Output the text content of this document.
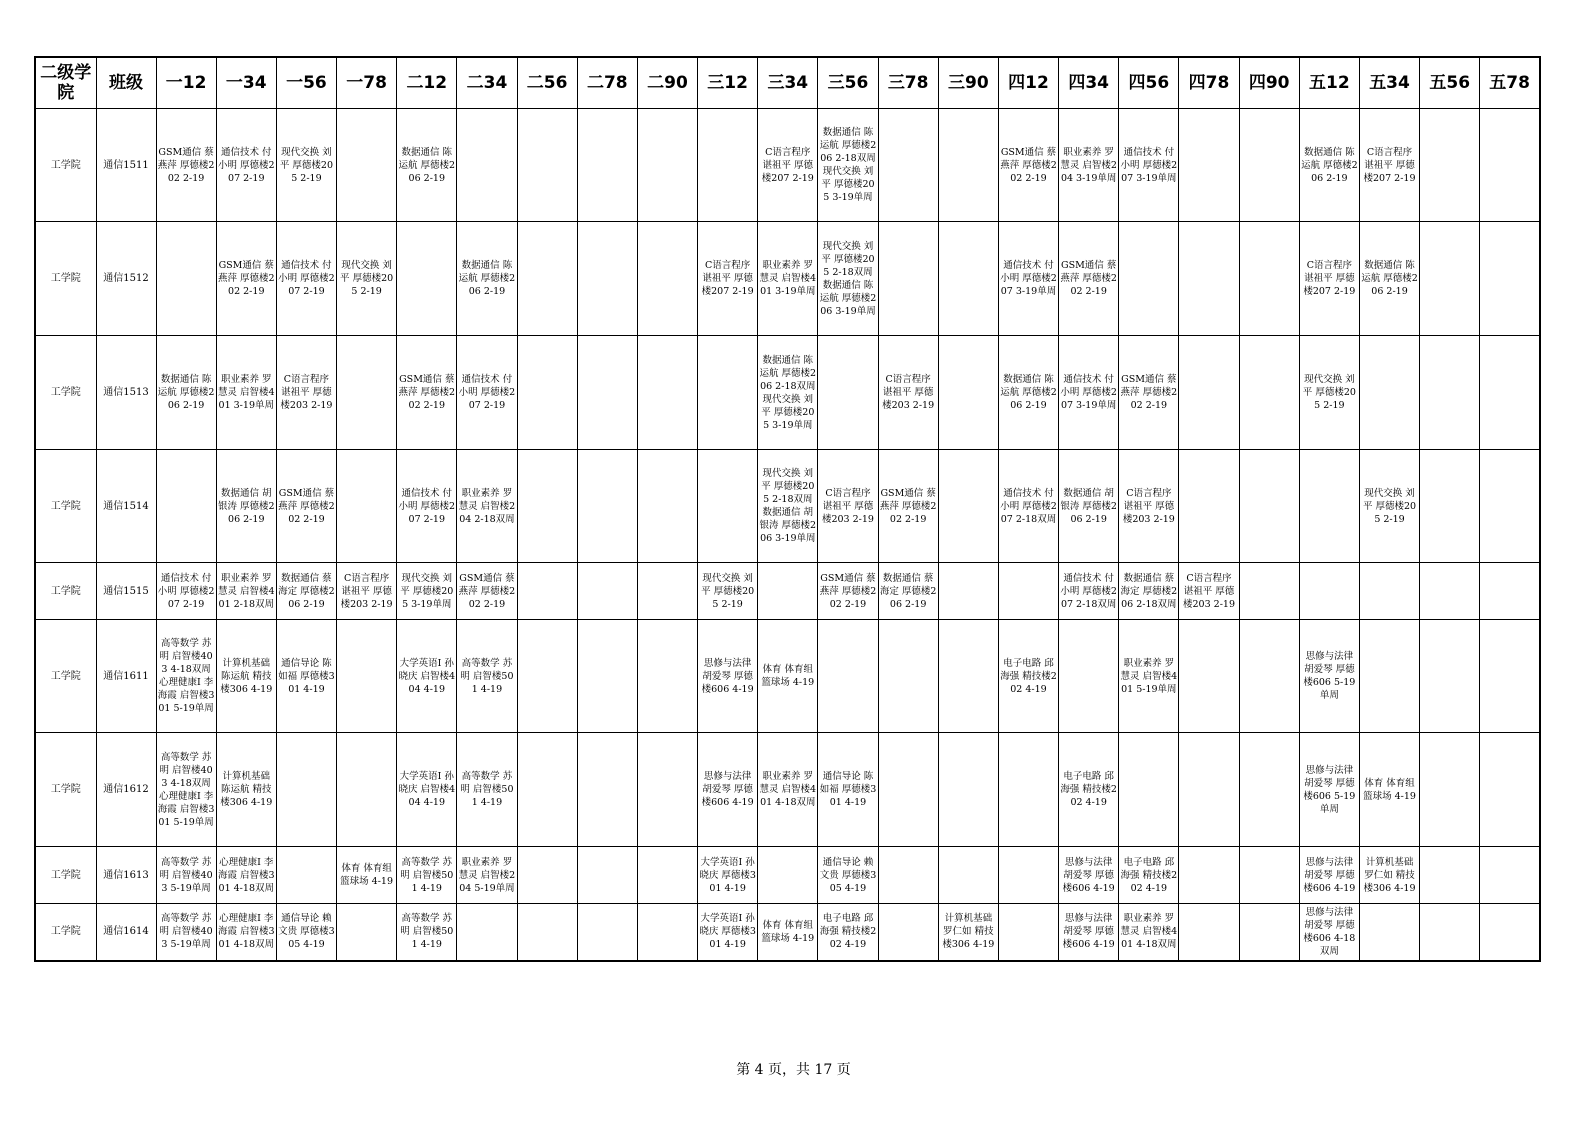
二级学院	班级	一12	一34	一56	一78	二12	二34	二56	二78	二90	三12	三34	三56	三78	三90	四12	四34	四56	四78	四90	五12	五34	五56	五78
工学院	通信1511	GSM通信 蔡燕萍 厚德楼202 2-19	通信技术 付小明 厚德楼207 2-19	现代交换 刘平 厚德楼205 2-19		数据通信 陈运航 厚德楼206 2-19						C语言程序 谌祖平 厚德楼207 2-19	数据通信 陈运航 厚德楼206 2-18双周 现代交换 刘平 厚德楼205 3-19单周			GSM通信 蔡燕萍 厚德楼202 2-19	职业素养 罗慧灵 启智楼204 3-19单周	通信技术 付小明 厚德楼207 3-19单周			数据通信 陈运航 厚德楼206 2-19	C语言程序 谌祖平 厚德楼207 2-19		
工学院	通信1512		GSM通信 蔡燕萍 厚德楼202 2-19	通信技术 付小明 厚德楼207 2-19	现代交换 刘平 厚德楼205 2-19		数据通信 陈运航 厚德楼206 2-19				C语言程序 谌祖平 厚德楼207 2-19	职业素养 罗慧灵 启智楼401 3-19单周	现代交换 刘平 厚德楼205 2-18双周 数据通信 陈运航 厚德楼206 3-19单周			通信技术 付小明 厚德楼207 3-19单周	GSM通信 蔡燕萍 厚德楼202 2-19				C语言程序 谌祖平 厚德楼207 2-19	数据通信 陈运航 厚德楼206 2-19		
工学院	通信1513	数据通信 陈运航 厚德楼206 2-19	职业素养 罗慧灵 启智楼401 3-19单周	C语言程序 谌祖平 厚德楼203 2-19		GSM通信 蔡燕萍 厚德楼202 2-19	通信技术 付小明 厚德楼207 2-19					数据通信 陈运航 厚德楼206 2-18双周 现代交换 刘平 厚德楼205 3-19单周		C语言程序 谌祖平 厚德楼203 2-19		数据通信 陈运航 厚德楼206 2-19	通信技术 付小明 厚德楼207 3-19单周	GSM通信 蔡燕萍 厚德楼202 2-19			现代交换 刘平 厚德楼205 2-19			
工学院	通信1514		数据通信 胡银涛 厚德楼206 2-19	GSM通信 蔡燕萍 厚德楼202 2-19		通信技术 付小明 厚德楼207 2-19	职业素养 罗慧灵 启智楼204 2-18双周					现代交换 刘平 厚德楼205 2-18双周 数据通信 胡银涛 厚德楼206 3-19单周	C语言程序 谌祖平 厚德楼203 2-19	GSM通信 蔡燕萍 厚德楼202 2-19		通信技术 付小明 厚德楼207 2-18双周	数据通信 胡银涛 厚德楼206 2-19	C语言程序 谌祖平 厚德楼203 2-19				现代交换 刘平 厚德楼205 2-19		
工学院	通信1515	通信技术 付小明 厚德楼207 2-19	职业素养 罗慧灵 启智楼401 2-18双周	数据通信 蔡海定 厚德楼206 2-19	C语言程序 谌祖平 厚德楼203 2-19	现代交换 刘平 厚德楼205 3-19单周	GSM通信 蔡燕萍 厚德楼202 2-19				现代交换 刘平 厚德楼205 2-19		GSM通信 蔡燕萍 厚德楼202 2-19	数据通信 蔡海定 厚德楼206 2-19			通信技术 付小明 厚德楼207 2-18双周	数据通信 蔡海定 厚德楼206 2-18双周	C语言程序 谌祖平 厚德楼203 2-19					
工学院	通信1611	高等数学 苏明 启智楼403 4-18双周 心理健康Ⅰ 李海霞 启智楼301 5-19单周	计算机基础 陈运航 精技楼306 4-19	通信导论 陈如福 厚德楼301 4-19		大学英语Ⅰ 孙晓庆 启智楼404 4-19	高等数学 苏明 启智楼501 4-19				思修与法律 胡爱琴 厚德楼606 4-19	体育 体育组 篮球场 4-19				电子电路 邱海强 精技楼202 4-19		职业素养 罗慧灵 启智楼401 5-19单周			思修与法律 胡爱琴 厚德楼606 5-19单周			
工学院	通信1612	高等数学 苏明 启智楼403 4-18双周 心理健康Ⅰ 李海霞 启智楼301 5-19单周	计算机基础 陈运航 精技楼306 4-19			大学英语Ⅰ 孙晓庆 启智楼404 4-19	高等数学 苏明 启智楼501 4-19				思修与法律 胡爱琴 厚德楼606 4-19	职业素养 罗慧灵 启智楼401 4-18双周	通信导论 陈如福 厚德楼301 4-19				电子电路 邱海强 精技楼202 4-19				思修与法律 胡爱琴 厚德楼606 5-19单周	体育 体育组 篮球场 4-19		
工学院	通信1613	高等数学 苏明 启智楼403 5-19单周	心理健康Ⅰ 李海霞 启智楼301 4-18双周		体育 体育组 篮球场 4-19	高等数学 苏明 启智楼501 4-19	职业素养 罗慧灵 启智楼204 5-19单周				大学英语Ⅰ 孙晓庆 厚德楼301 4-19		通信导论 赖文贵 厚德楼305 4-19				思修与法律 胡爱琴 厚德楼606 4-19	电子电路 邱海强 精技楼202 4-19			思修与法律 胡爱琴 厚德楼606 4-19	计算机基础 罗仁如 精技楼306 4-19		
工学院	通信1614	高等数学 苏明 启智楼403 5-19单周	心理健康Ⅰ 李海霞 启智楼301 4-18双周	通信导论 赖文贵 厚德楼305 4-19		高等数学 苏明 启智楼501 4-19					大学英语Ⅰ 孙晓庆 厚德楼301 4-19	体育 体育组 篮球场 4-19	电子电路 邱海强 精技楼202 4-19		计算机基础 罗仁如 精技楼306 4-19		思修与法律 胡爱琴 厚德楼606 4-19	职业素养 罗慧灵 启智楼401 4-18双周			思修与法律 胡爱琴 厚德楼606 4-18双周			
第 4 页，共 17 页
